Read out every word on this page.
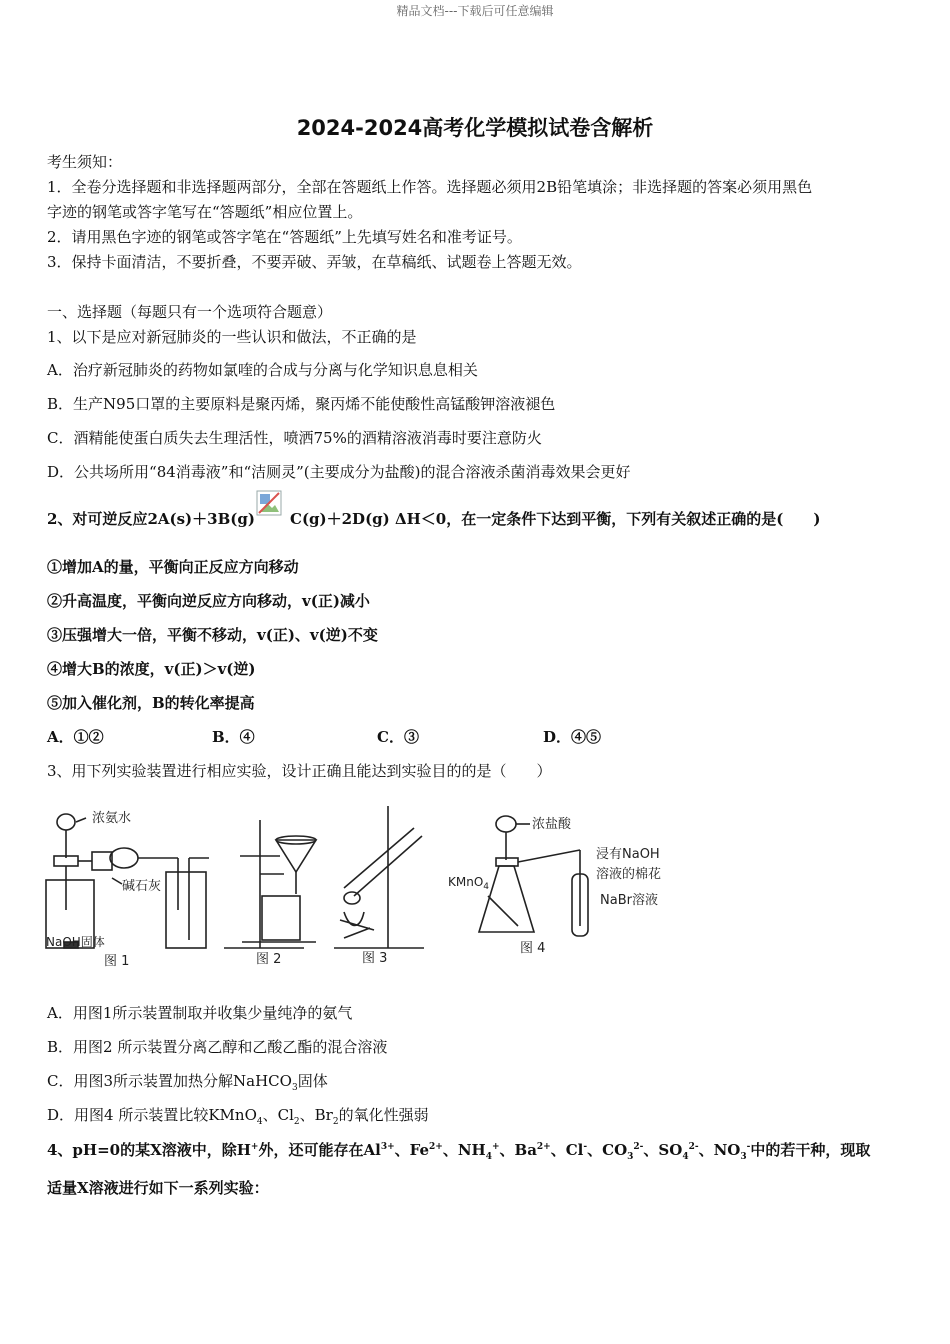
精品文档---下载后可任意编辑
2024-2024高考化学模拟试卷含解析
考生须知：
1．全卷分选择题和非选择题两部分，全部在答题纸上作答。选择题必须用2B铅笔填涂；非选择题的答案必须用黑色
字迹的钢笔或答字笔写在“答题纸”相应位置上。
2．请用黑色字迹的钢笔或答字笔在“答题纸”上先填写姓名和准考证号。
3．保持卡面清洁，不要折叠，不要弄破、弄皱，在草稿纸、试题卷上答题无效。
一、选择题（每题只有一个选项符合题意）
1、以下是应对新冠肺炎的一些认识和做法，不正确的是
A．治疗新冠肺炎的药物如氯喹的合成与分离与化学知识息息相关
B．生产N95口罩的主要原料是聚丙烯，聚丙烯不能使酸性高锰酸钾溶液褪色
C．酒精能使蛋白质失去生理活性，喷洒75%的酒精溶液消毒时要注意防火
D．公共场所用“84消毒液”和“洁厕灵”(主要成分为盐酸)的混合溶液杀菌消毒效果会更好
2、对可逆反应2A(s)＋3B(g) C(g)＋2D(g) ΔH＜0，在一定条件下达到平衡，下列有关叙述正确的是(　　)
①增加A的量，平衡向正反应方向移动
②升高温度，平衡向逆反应方向移动，v(正)减小
③压强增大一倍，平衡不移动，v(正)、v(逆)不变
④增大B的浓度，v(正)＞v(逆)
⑤加入催化剂，B的转化率提高
A．①②	B．④	C．③	D．④⑤
3、用下列实验装置进行相应实验，设计正确且能达到实验目的的是（　　）
浓氨水
碱石灰
NaOH固体
图 1	图 2	图 3
浓盐酸
KMnO$_4$
浸有NaOH
溶液的棉花
NaBr溶液
图 4
A．用图1所示装置制取并收集少量纯净的氨气
B．用图2 所示装置分离乙醇和乙酸乙酯的混合溶液
C．用图3所示装置加热分解NaHCO$_3$固体
D．用图4 所示装置比较KMnO$_4$、$Cl_2$、$Br_2$的氧化性强弱
4、pH=0的某X溶液中，除H+外，还可能存在$Al^{3+}$、$Fe^{2+}$、$NH_4^+$、$Ba^{2+}$、Cl-、$CO_3^{2-}$、$SO_4^{2-}$、$NO_3^-$中的若干种，现取
适量X溶液进行如下一系列实验：
